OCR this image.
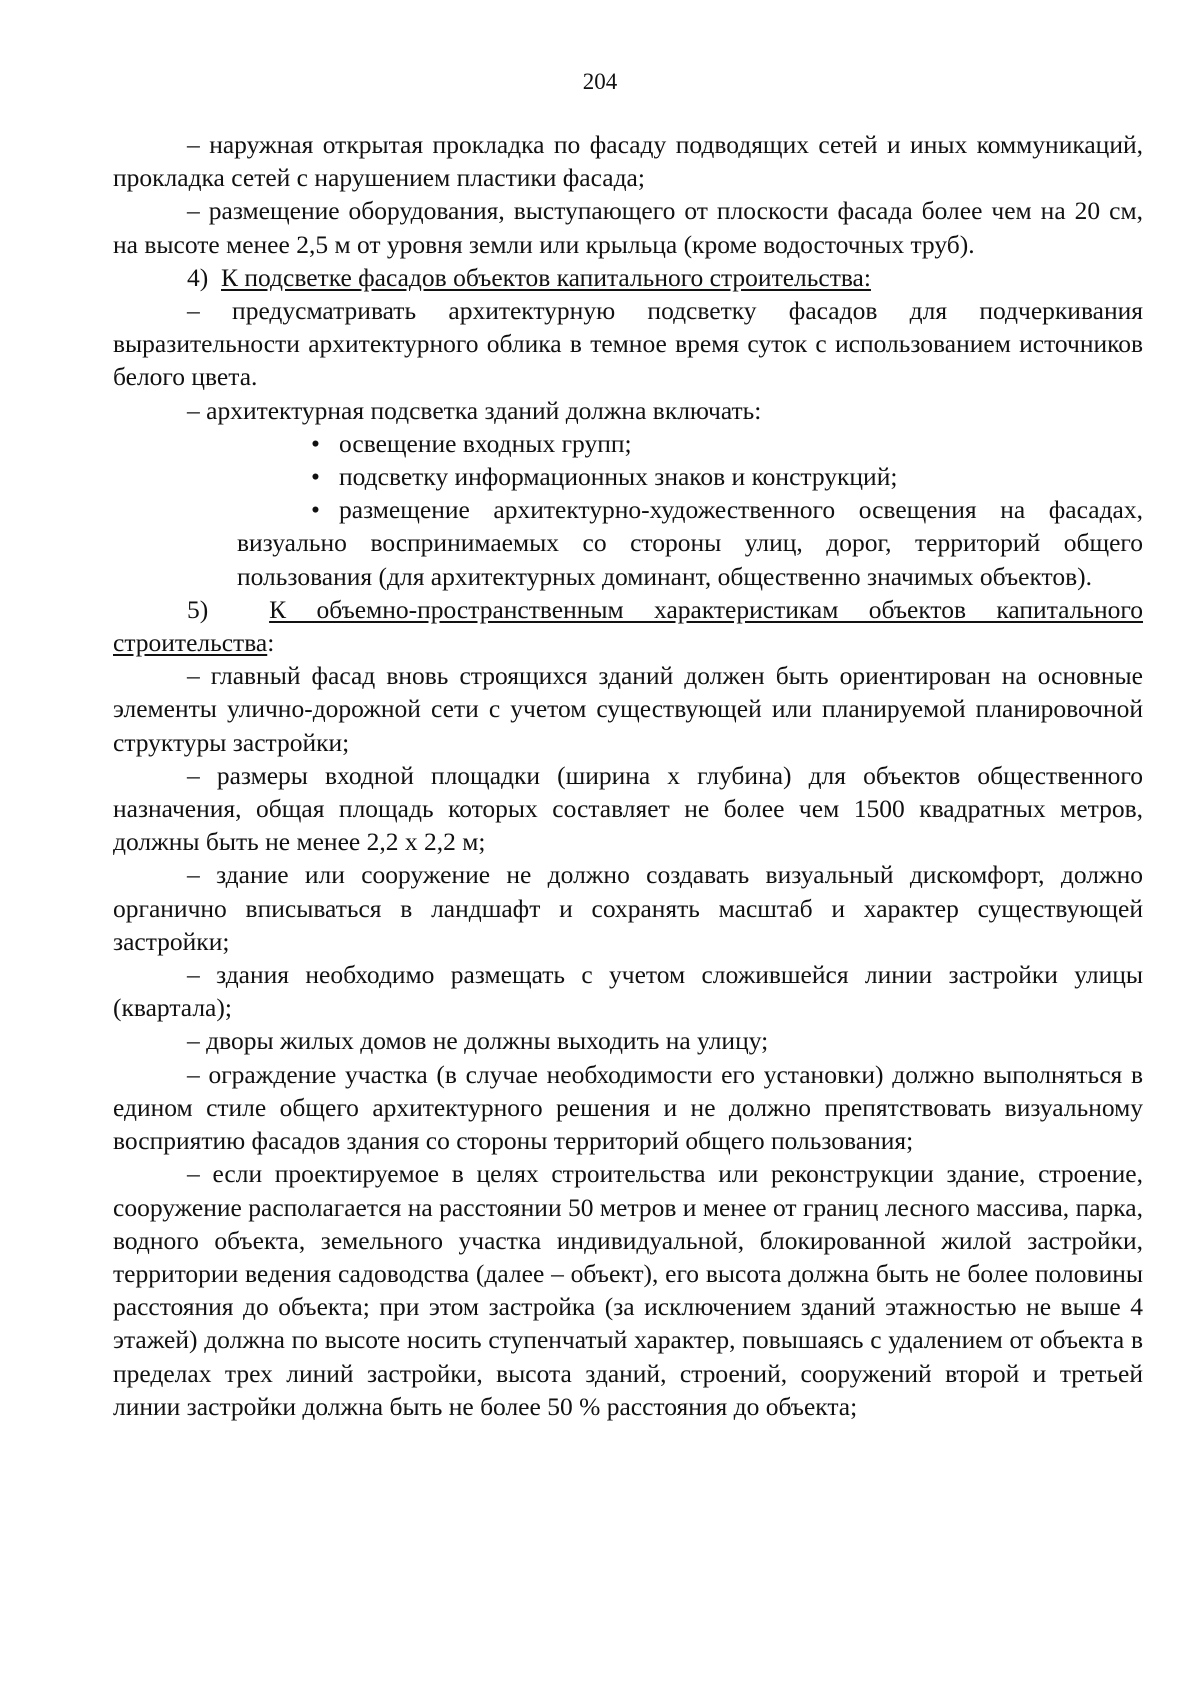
204

– наружная открытая прокладка по фасаду подводящих сетей и иных коммуникаций, прокладка сетей с нарушением пластики фасада;

– размещение оборудования, выступающего от плоскости фасада более чем на 20 см, на высоте менее 2,5 м от уровня земли или крыльца (кроме водосточных труб).

4) К подсветке фасадов объектов капитального строительства:

– предусматривать архитектурную подсветку фасадов для подчеркивания выразительности архитектурного облика в темное время суток с использованием источников белого цвета.

– архитектурная подсветка зданий должна включать:

• освещение входных групп;
• подсветку информационных знаков и конструкций;
• размещение архитектурно-художественного освещения на фасадах, визуально воспринимаемых со стороны улиц, дорог, территорий общего пользования (для архитектурных доминант, общественно значимых объектов).

5) К объемно-пространственным характеристикам объектов капитального строительства:

– главный фасад вновь строящихся зданий должен быть ориентирован на основные элементы улично-дорожной сети с учетом существующей или планируемой планировочной структуры застройки;

– размеры входной площадки (ширина х глубина) для объектов общественного назначения, общая площадь которых составляет не более чем 1500 квадратных метров, должны быть не менее 2,2 х 2,2 м;

– здание или сооружение не должно создавать визуальный дискомфорт, должно органично вписываться в ландшафт и сохранять масштаб и характер существующей застройки;

– здания необходимо размещать с учетом сложившейся линии застройки улицы (квартала);

– дворы жилых домов не должны выходить на улицу;

– ограждение участка (в случае необходимости его установки) должно выполняться в едином стиле общего архитектурного решения и не должно препятствовать визуальному восприятию фасадов здания со стороны территорий общего пользования;

– если проектируемое в целях строительства или реконструкции здание, строение, сооружение располагается на расстоянии 50 метров и менее от границ лесного массива, парка, водного объекта, земельного участка индивидуальной, блокированной жилой застройки, территории ведения садоводства (далее – объект), его высота должна быть не более половины расстояния до объекта; при этом застройка (за исключением зданий этажностью не выше 4 этажей) должна по высоте носить ступенчатый характер, повышаясь с удалением от объекта в пределах трех линий застройки, высота зданий, строений, сооружений второй и третьей линии застройки должна быть не более 50 % расстояния до объекта;
